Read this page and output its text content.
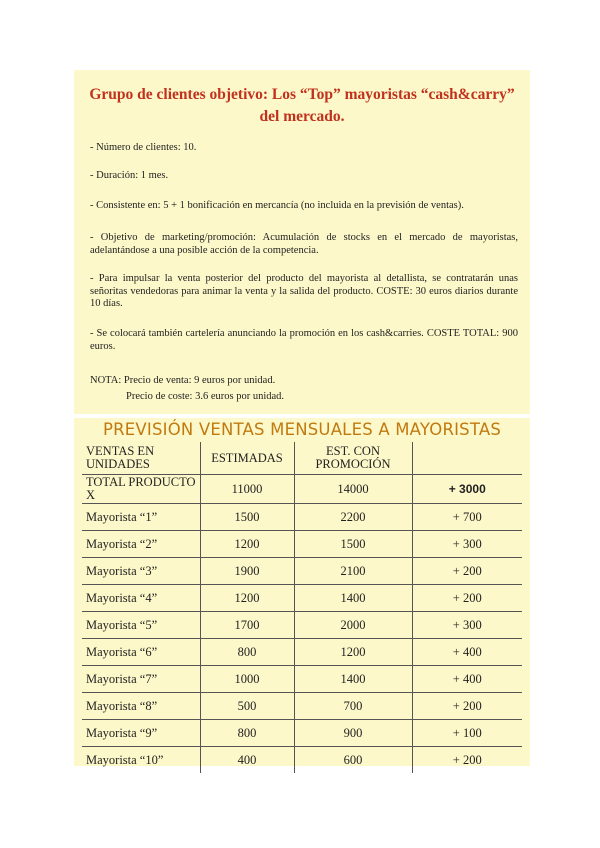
Grupo de clientes objetivo: Los “Top” mayoristas “cash&carry”
del mercado.
- Número de clientes: 10.
- Duración: 1 mes.
- Consistente en: 5 + 1 bonificación en mercancía (no incluida en la previsión de ventas).
- Objetivo de marketing/promoción: Acumulación de stocks en el mercado de mayoristas, adelantándose a una posible acción de la competencia.
- Para impulsar la venta posterior del producto del mayorista al detallista, se contratarán unas señoritas vendedoras para animar la venta y la salida del producto. COSTE: 30 euros diarios durante 10 días.
- Se colocará también cartelería anunciando la promoción en los cash&carries. COSTE TOTAL: 900 euros.
NOTA: Precio de venta: 9 euros por unidad.
Precio de coste: 3.6 euros por unidad.
PREVISIÓN VENTAS MENSUALES A MAYORISTAS
VENTAS EN UNIDADES	ESTIMADAS	EST. CON PROMOCIÓN	
TOTAL PRODUCTO X	11000	14000	+ 3000
Mayorista “1”	1500	2200	+ 700
Mayorista “2”	1200	1500	+ 300
Mayorista “3”	1900	2100	+ 200
Mayorista “4”	1200	1400	+ 200
Mayorista “5”	1700	2000	+ 300
Mayorista “6”	800	1200	+ 400
Mayorista “7”	1000	1400	+ 400
Mayorista “8”	500	700	+ 200
Mayorista “9”	800	900	+ 100
Mayorista “10”	400	600	+ 200
